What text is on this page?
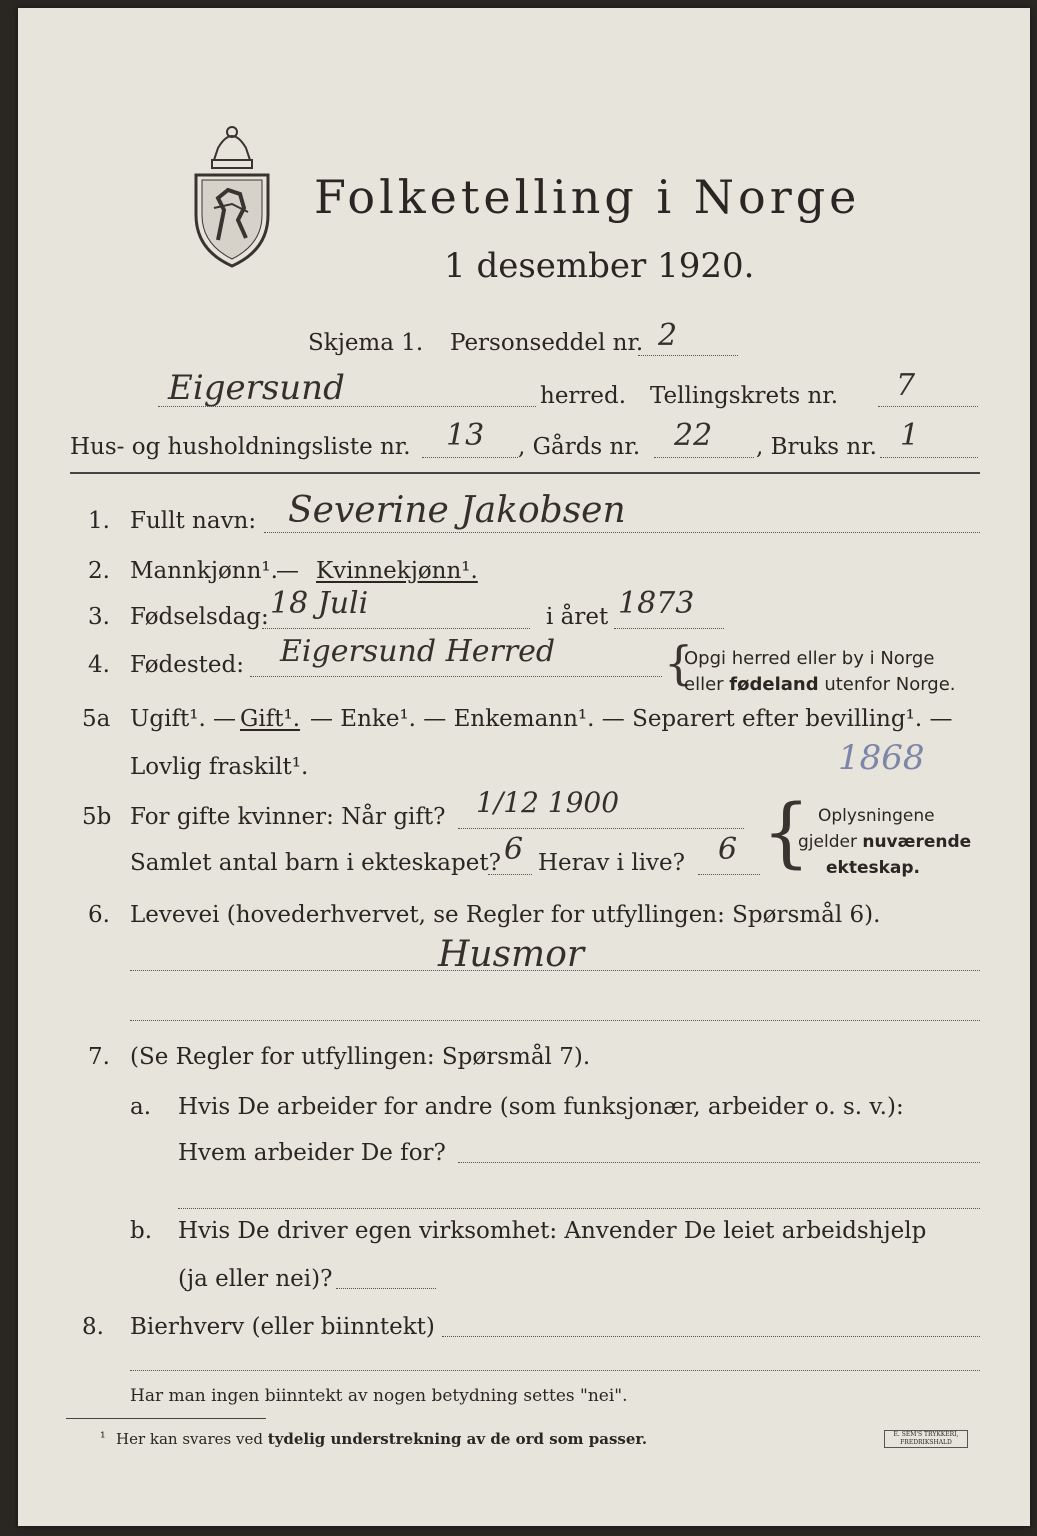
Folketelling i Norge
1 desember 1920.
Skjema 1. Personseddel nr. 2
Eigersund	herred. Tellingskrets nr. 7
Hus- og husholdningsliste nr. 13 , Gårds nr. 22 , Bruks nr. 1
1. Fullt navn: Severine Jakobsen
2. Mannkjønn¹.
— Kvinnekjønn¹.
3. Fødselsdag: 18 Juli	i året 1873
4. Fødested: Eigersund Herred {
Opgi herred eller by i Norge
eller fødeland utenfor Norge.
5a Ugift¹. — Gift¹. — Enke¹. — Enkemann¹. — Separert efter bevilling¹. —
Lovlig fraskilt¹.	1868
5b For gifte kvinner: Når gift? 1/12 1900
Samlet antal barn i ekteskapet? 6 Herav i live? 6 { Oplysningene
gjelder nuværende
ekteskap.
6. Levevei (hovederhvervet, se Regler for utfyllingen: Spørsmål 6).
Husmor
7. (Se Regler for utfyllingen: Spørsmål 7).
a. Hvis De arbeider for andre (som funksjonær, arbeider o. s. v.):
Hvem arbeider De for?
b. Hvis De driver egen virksomhet: Anvender De leiet arbeidshjelp
(ja eller nei)?
8. Bierhverv (eller biinntekt)
Har man ingen biinntekt av nogen betydning settes "nei".
¹ Her kan svares ved tydelig understrekning av de ord som passer.	E. SEM'S TRYKKERI, FREDRIKSHALD
